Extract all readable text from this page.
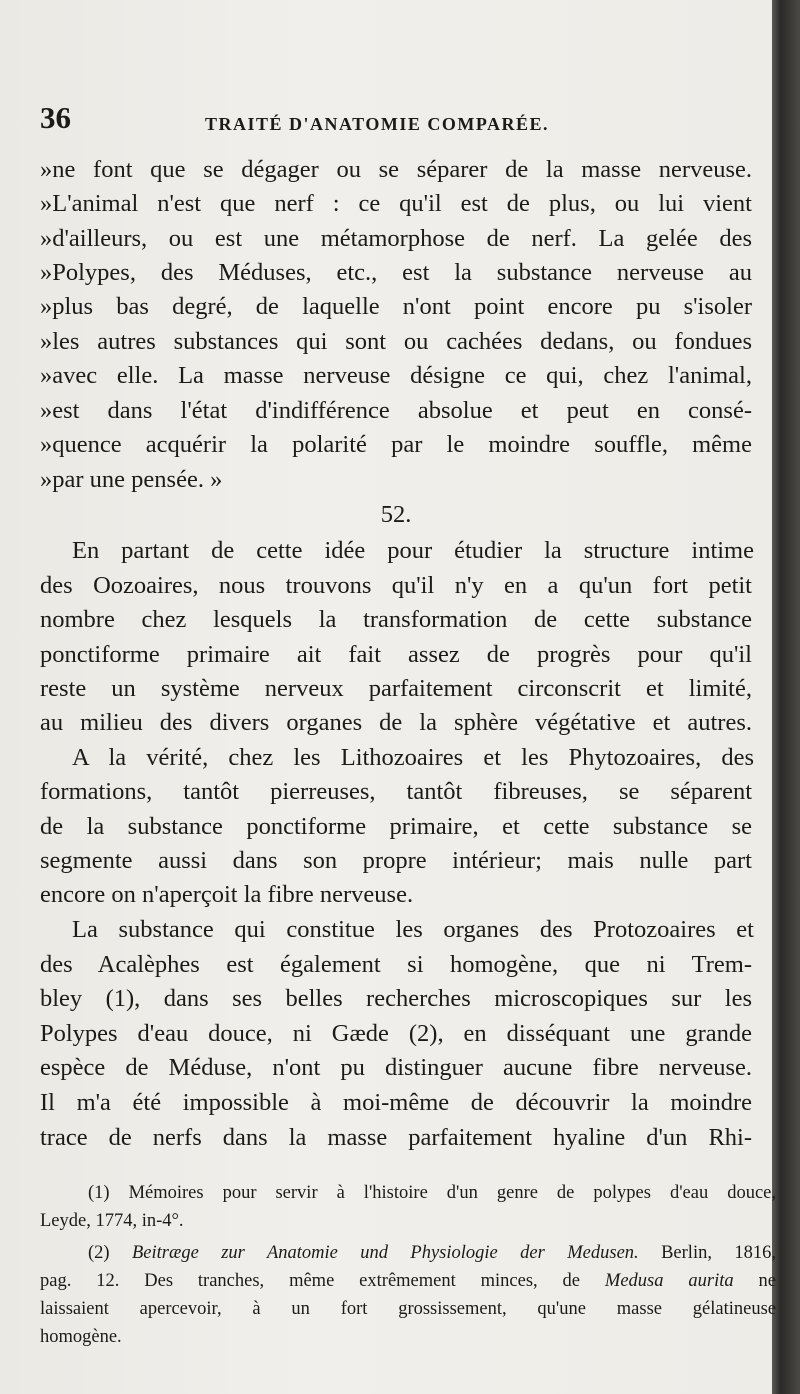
36	TRAITÉ D'ANATOMIE COMPARÉE.
»ne font que se dégager ou se séparer de la masse nerveuse.
»L'animal n'est que nerf : ce qu'il est de plus, ou lui vient
»d'ailleurs, ou est une métamorphose de nerf. La gelée des
»Polypes, des Méduses, etc., est la substance nerveuse au
»plus bas degré, de laquelle n'ont point encore pu s'isoler
»les autres substances qui sont ou cachées dedans, ou fondues
»avec elle. La masse nerveuse désigne ce qui, chez l'animal,
»est dans l'état d'indifférence absolue et peut en consé-
»quence acquérir la polarité par le moindre souffle, même
»par une pensée. »
52.
En partant de cette idée pour étudier la structure intime
des Oozoaires, nous trouvons qu'il n'y en a qu'un fort petit
nombre chez lesquels la transformation de cette substance
ponctiforme primaire ait fait assez de progrès pour qu'il
reste un système nerveux parfaitement circonscrit et limité,
au milieu des divers organes de la sphère végétative et autres.
A la vérité, chez les Lithozoaires et les Phytozoaires, des
formations, tantôt pierreuses, tantôt fibreuses, se séparent
de la substance ponctiforme primaire, et cette substance se
segmente aussi dans son propre intérieur; mais nulle part
encore on n'aperçoit la fibre nerveuse.
La substance qui constitue les organes des Protozoaires et
des Acalèphes est également si homogène, que ni Trem-
bley (1), dans ses belles recherches microscopiques sur les
Polypes d'eau douce, ni Gæde (2), en disséquant une grande
espèce de Méduse, n'ont pu distinguer aucune fibre nerveuse.
Il m'a été impossible à moi-même de découvrir la moindre
trace de nerfs dans la masse parfaitement hyaline d'un Rhi-
(1) Mémoires pour servir à l'histoire d'un genre de polypes d'eau douce,
Leyde, 1774, in-4°.
(2) Beitræge zur Anatomie und Physiologie der Medusen. Berlin, 1816,
pag. 12. Des tranches, même extrêmement minces, de Medusa aurita ne
laissaient apercevoir, à un fort grossissement, qu'une masse gélatineuse
homogène.
